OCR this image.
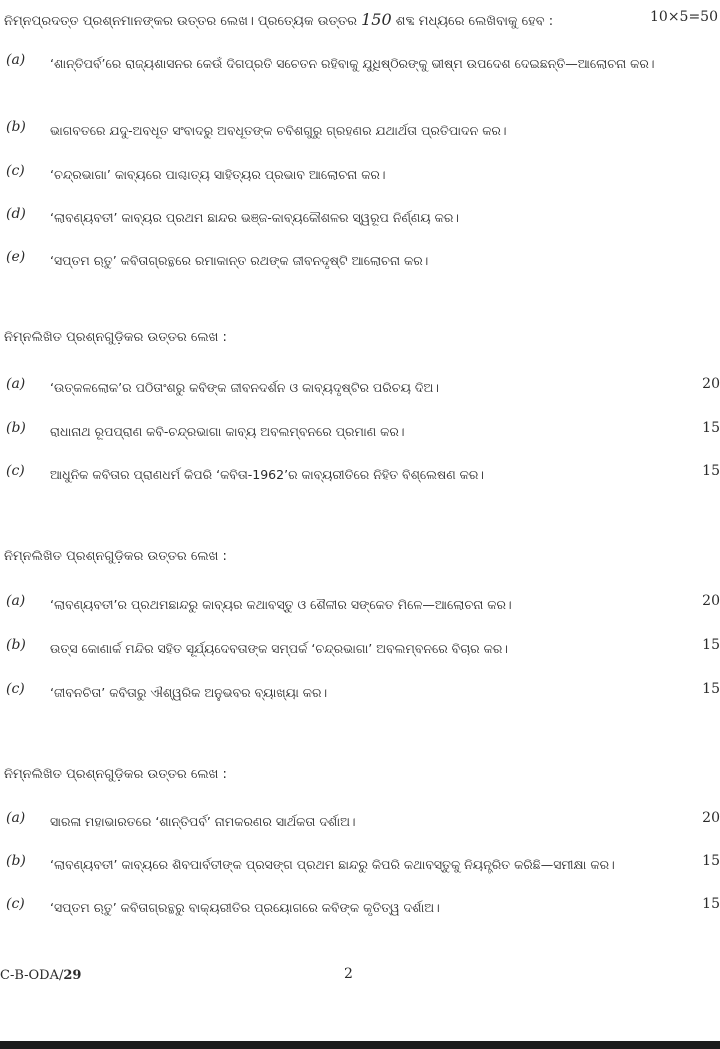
ନିମ୍ନପ୍ରଦତ୍ତ ପ୍ରଶ୍ନମାନଙ୍କର ଉତ୍ତର ଲେଖ। ପ୍ରତ୍ୟେକ ଉତ୍ତର 150 ଶବ୍ଦ ମଧ୍ୟରେ ଲେଖିବାକୁ ହେବ :	10×5=50
(a) ‘ଶାନ୍ତିପର୍ବ’ରେ ରାଜ୍ୟଶାସନର କେଉଁ ଦିଗପ୍ରତି ସଚେତନ ରହିବାକୁ ଯୁଧିଷ୍ଠିରଙ୍କୁ ଭୀଷ୍ମ ଉପଦେଶ ଦେଇଛନ୍ତି—ଆଲୋଚନା କର।
(b) ଭାଗବତରେ ଯଦୁ-ଅବଧୂତ ସଂବାଦରୁ ଅବଧୂତଙ୍କ ଚବିଶଗୁରୁ ଗ୍ରହଣର ଯଥାର୍ଥତା ପ୍ରତିପାଦନ କର।
(c) ‘ଚନ୍ଦ୍ରଭାଗା’ କାବ୍ୟରେ ପାଶ୍ଚାତ୍ୟ ସାହିତ୍ୟର ପ୍ରଭାବ ଆଲୋଚନା କର।
(d) ‘ଲାବଣ୍ୟବତୀ’ କାବ୍ୟର ପ୍ରଥମ ଛାନ୍ଦର ଭଞ୍ଜ-କାବ୍ୟକୌଶଳର ସ୍ୱରୂପ ନିର୍ଣ୍ଣୟ କର।
(e) ‘ସପ୍ତମ ଋତୁ’ କବିତାଗ୍ରନ୍ଥରେ ରମାକାନ୍ତ ରଥଙ୍କ ଜୀବନଦୃଷ୍ଟି ଆଲୋଚନା କର।
ନିମ୍ନଲିଖିତ ପ୍ରଶ୍ନଗୁଡ଼ିକର ଉତ୍ତର ଲେଖ :
(a) ‘ଉତ୍କଳଲୋକ’ର ପଠିତାଂଶରୁ କବିଙ୍କ ଜୀବନଦର୍ଶନ ଓ କାବ୍ୟଦୃଷ୍ଟିର ପରିଚୟ ଦିଅ।	20
(b) ରାଧାନାଥ ରୂପପ୍ରାଣ କବି-ଚନ୍ଦ୍ରଭାଗା କାବ୍ୟ ଅବଲମ୍ବନରେ ପ୍ରମାଣ କର।	15
(c) ଆଧୁନିକ କବିତାର ପ୍ରାଣଧର୍ମ କିପରି ‘କବିତା-1962’ର କାବ୍ୟରୀତିରେ ନିହିତ ବିଶ୍ଲେଷଣ କର।	15
ନିମ୍ନଲିଖିତ ପ୍ରଶ୍ନଗୁଡ଼ିକର ଉତ୍ତର ଲେଖ :
(a) ‘ଲାବଣ୍ୟବତୀ’ର ପ୍ରଥମଛାନ୍ଦରୁ କାବ୍ୟର କଥାବସ୍ତୁ ଓ ଶୈଳୀର ସଙ୍କେତ ମିଳେ—ଆଲୋଚନା କର।	20
(b) ଉତ୍ସ କୋଣାର୍କ ମନ୍ଦିର ସହିତ ସୂର୍ଯ୍ୟଦେବତାଙ୍କ ସମ୍ପର୍କ ‘ଚନ୍ଦ୍ରଭାଗା’ ଅବଲମ୍ବନରେ ବିଚାର କର।	15
(c) ‘ଜୀବନଚିତା’ କବିତାରୁ ଐଶ୍ୱରିକ ଅନୁଭବର ବ୍ୟାଖ୍ୟା କର।	15
ନିମ୍ନଲିଖିତ ପ୍ରଶ୍ନଗୁଡ଼ିକର ଉତ୍ତର ଲେଖ :
(a) ସାରଳା ମହାଭାରତରେ ‘ଶାନ୍ତିପର୍ବ’ ନାମକରଣର ସାର୍ଥକତା ଦର୍ଶାଅ।	20
(b) ‘ଲାବଣ୍ୟବତୀ’ କାବ୍ୟରେ ଶିବପାର୍ବତୀଙ୍କ ପ୍ରସଙ୍ଗ ପ୍ରଥମ ଛାନ୍ଦରୁ କିପରି କଥାବସ୍ତୁକୁ ନିୟନ୍ତ୍ରିତ କରିଛି—ସମୀକ୍ଷା କର।	15
(c) ‘ସପ୍ତମ ଋତୁ’ କବିତାଗ୍ରନ୍ଥରୁ ବାକ୍ୟରୀତିର ପ୍ରୟୋଗରେ କବିଙ୍କ କୃତିତ୍ୱ ଦର୍ଶାଅ।	15
C-B-ODA/29	2
